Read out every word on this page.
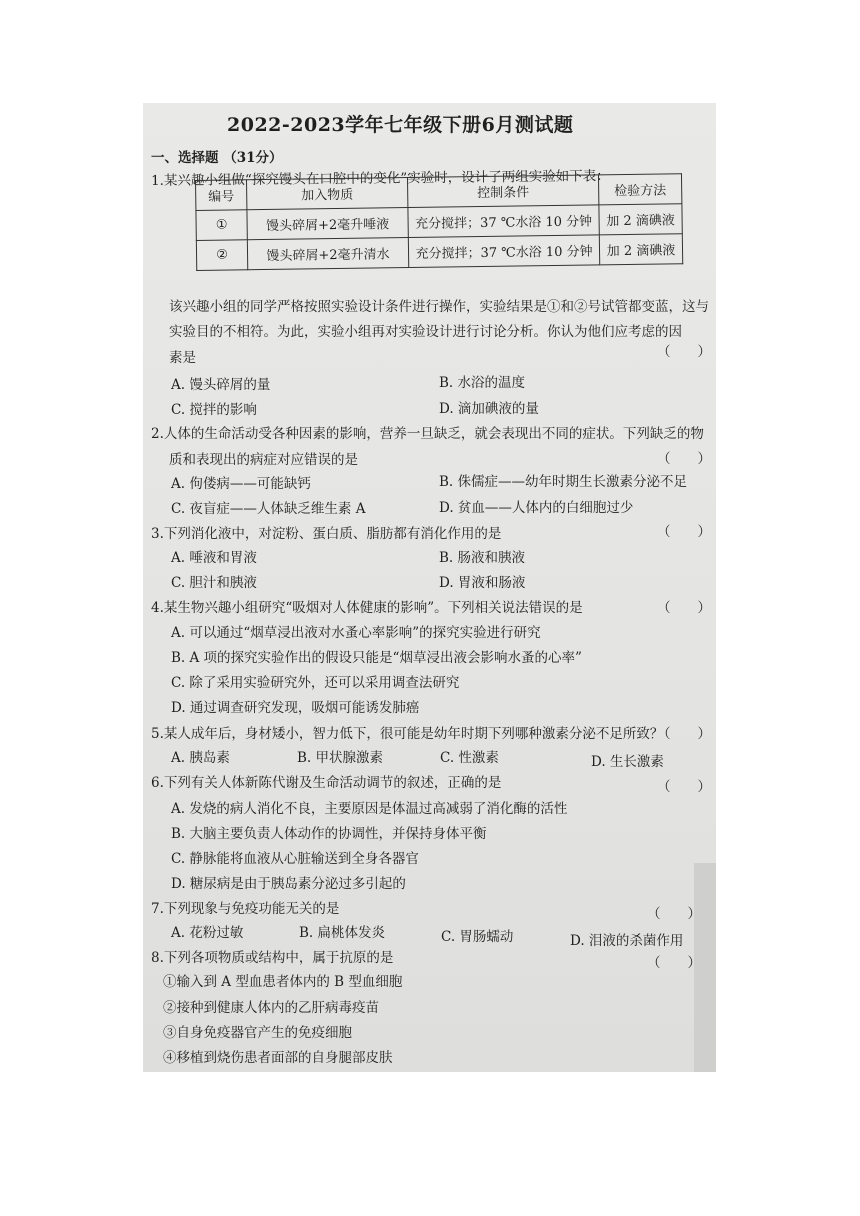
2022-2023学年七年级下册6月测试题
一、选择题 （31分）
1.某兴趣小组做“探究馒头在口腔中的变化”实验时，设计了两组实验如下表：
编号	加入物质	控制条件	检验方法
①	馒头碎屑+2毫升唾液	充分搅拌；37 ℃水浴 10 分钟	加 2 滴碘液
②	馒头碎屑+2毫升清水	充分搅拌；37 ℃水浴 10 分钟	加 2 滴碘液
该兴趣小组的同学严格按照实验设计条件进行操作，实验结果是①和②号试管都变蓝，这与
实验目的不相符。为此，实验小组再对实验设计进行讨论分析。你认为他们应考虑的因
素是	（　　）
A. 馒头碎屑的量	B. 水浴的温度
C. 搅拌的影响	D. 滴加碘液的量
2.人体的生命活动受各种因素的影响，营养一旦缺乏，就会表现出不同的症状。下列缺乏的物
质和表现出的病症对应错误的是	（　　）
A. 佝偻病——可能缺钙	B. 侏儒症——幼年时期生长激素分泌不足
C. 夜盲症——人体缺乏维生素 A	D. 贫血——人体内的白细胞过少
3.下列消化液中，对淀粉、蛋白质、脂肪都有消化作用的是	（　　）
A. 唾液和胃液	B. 肠液和胰液
C. 胆汁和胰液	D. 胃液和肠液
4.某生物兴趣小组研究“吸烟对人体健康的影响”。下列相关说法错误的是	（　　）
A. 可以通过“烟草浸出液对水蚤心率影响”的探究实验进行研究
B. A 项的探究实验作出的假设只能是“烟草浸出液会影响水蚤的心率”
C. 除了采用实验研究外，还可以采用调查法研究
D. 通过调查研究发现，吸烟可能诱发肺癌
5.某人成年后，身材矮小，智力低下，很可能是幼年时期下列哪种激素分泌不足所致？
（　　）
A. 胰岛素	B. 甲状腺激素	C. 性激素	D. 生长激素
6.下列有关人体新陈代谢及生命活动调节的叙述，正确的是	（　　）
A. 发烧的病人消化不良，主要原因是体温过高减弱了消化酶的活性
B. 大脑主要负责人体动作的协调性，并保持身体平衡
C. 静脉能将血液从心脏输送到全身各器官
D. 糖尿病是由于胰岛素分泌过多引起的
7.下列现象与免疫功能无关的是	（　　）
A. 花粉过敏	B. 扁桃体发炎	C. 胃肠蠕动	D. 泪液的杀菌作用
8.下列各项物质或结构中，属于抗原的是	（　　）
①输入到 A 型血患者体内的 B 型血细胞
②接种到健康人体内的乙肝病毒疫苗
③自身免疫器官产生的免疫细胞
④移植到烧伤患者面部的自身腿部皮肤
